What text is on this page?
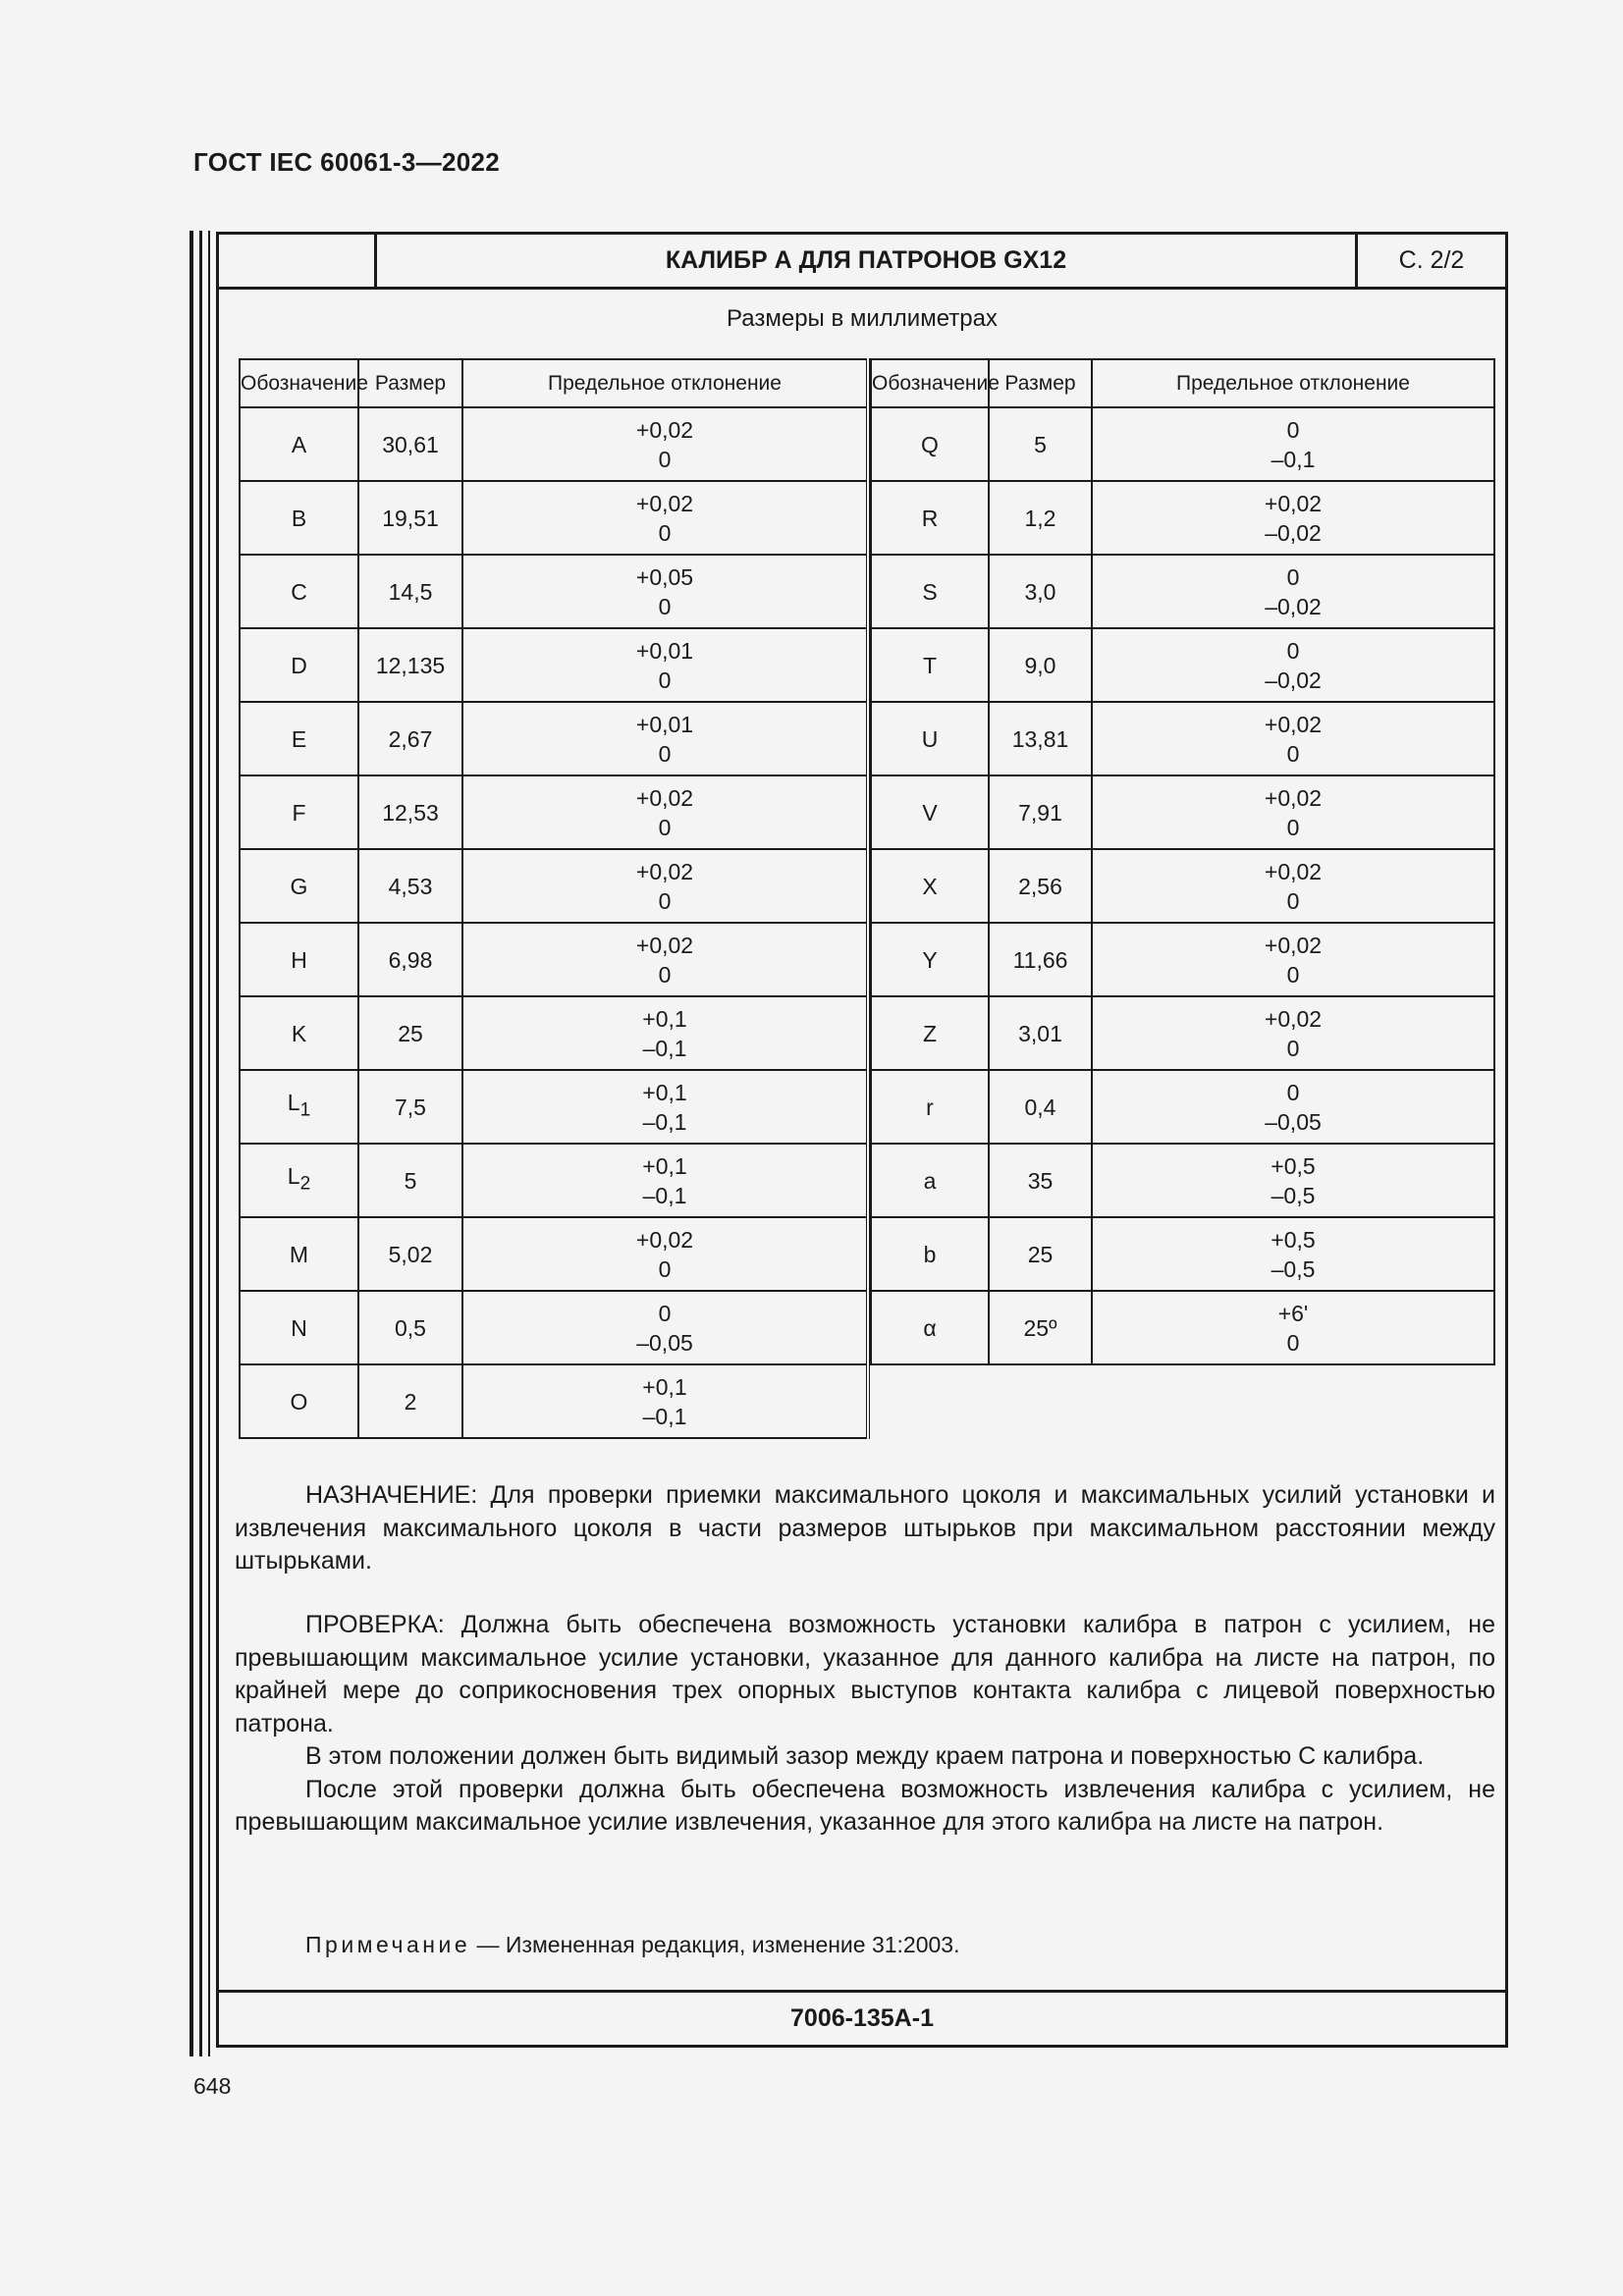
ГОСТ IEC 60061-3—2022
КАЛИБР А ДЛЯ ПАТРОНОВ GX12	С. 2/2
Размеры в миллиметрах
Обозначение	Размер	Предельное отклонение
A	30,61	+0,02
0

B	19,51	+0,02
0

C	14,5	+0,05
0

D	12,135	+0,01
0

E	2,67	+0,01
0

F	12,53	+0,02
0

G	4,53	+0,02
0

H	6,98	+0,02
0

K	25	+0,1
–0,1

$L_1$	7,5	+0,1
–0,1

$L_2$	5	+0,1
–0,1

M	5,02	+0,02
0

N	0,5	0
–0,05

O	2	+0,1
–0,1
Обозначение	Размер	Предельное отклонение
Q	5	0
–0,1

R	1,2	+0,02
–0,02

S	3,0	0
–0,02

T	9,0	0
–0,02

U	13,81	+0,02
0

V	7,91	+0,02
0

X	2,56	+0,02
0

Y	11,66	+0,02
0

Z	3,01	+0,02
0

r	0,4	0
–0,05

a	35	+0,5
–0,5

b	25	+0,5
–0,5

α	25º	+6'
0

НАЗНАЧЕНИЕ: Для проверки приемки максимального цоколя и максимальных усилий установки и извлечения максимального цоколя в части размеров штырьков при максимальном расстоянии между штырьками.

ПРОВЕРКА: Должна быть обеспечена возможность установки калибра в патрон с усилием, не превышающим максимальное усилие установки, указанное для данного калибра на листе на патрон, по крайней мере до соприкосновения трех опорных выступов контакта калибра с лицевой поверхностью патрона.

В этом положении должен быть видимый зазор между краем патрона и поверхностью С калибра.

После этой проверки должна быть обеспечена возможность извлечения калибра с усилием, не превышающим максимальное усилие извлечения, указанное для этого калибра на листе на патрон.

Примечание — Измененная редакция, изменение 31:2003.
7006-135A-1
648
